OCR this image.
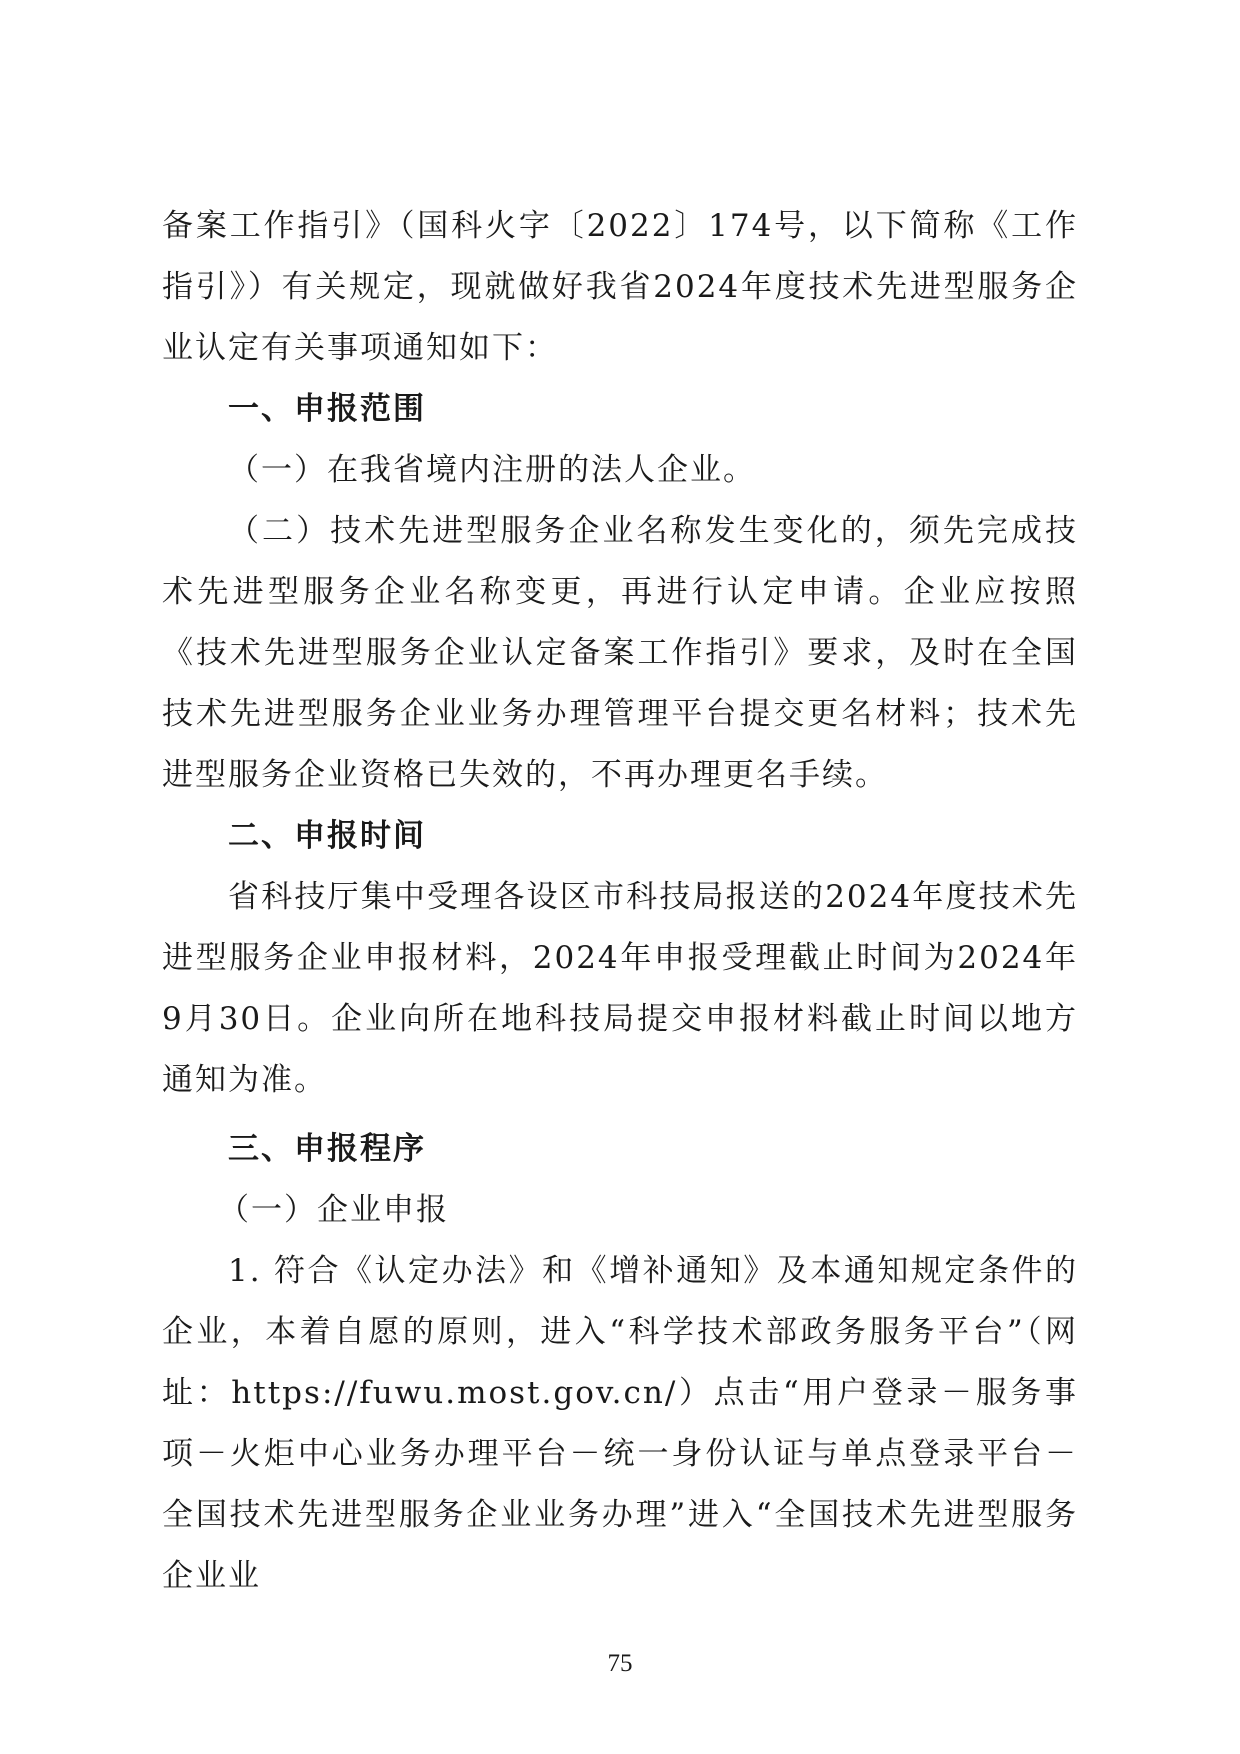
备案工作指引》（国科火字〔2022〕174号，以下简称《工作指引》）有关规定，现就做好我省2024年度技术先进型服务企业认定有关事项通知如下：

一、申报范围

（一）在我省境内注册的法人企业。

（二）技术先进型服务企业名称发生变化的，须先完成技术先进型服务企业名称变更，再进行认定申请。企业应按照《技术先进型服务企业认定备案工作指引》要求，及时在全国技术先进型服务企业业务办理管理平台提交更名材料；技术先进型服务企业资格已失效的，不再办理更名手续。

二、申报时间

省科技厅集中受理各设区市科技局报送的2024年度技术先进型服务企业申报材料，2024年申报受理截止时间为2024年9月30日。企业向所在地科技局提交申报材料截止时间以地方通知为准。

三、申报程序

（一）企业申报

1. 符合《认定办法》和《增补通知》及本通知规定条件的企业，本着自愿的原则，进入“科学技术部政务服务平台”（网址：https://fuwu.most.gov.cn/）点击“用户登录－服务事项－火炬中心业务办理平台－统一身份认证与单点登录平台－全国技术先进型服务企业业务办理”进入“全国技术先进型服务企业业

75
